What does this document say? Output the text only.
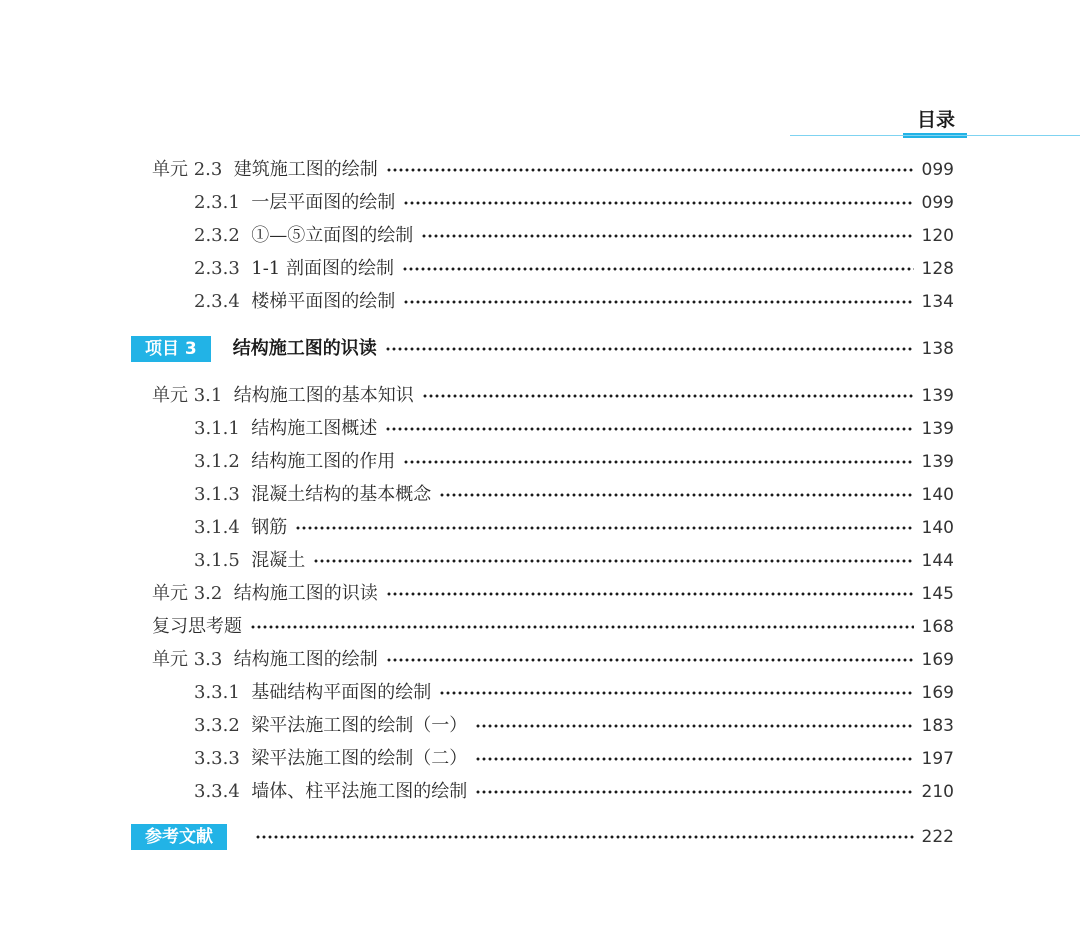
目录
单元 2.3 建筑施工图的绘制	099
2.3.1 一层平面图的绘制	099
2.3.2 ①—⑤立面图的绘制	120
2.3.3 1-1 剖面图的绘制	128
2.3.4 楼梯平面图的绘制	134
项目 3	结构施工图的识读	138
单元 3.1 结构施工图的基本知识	139
3.1.1 结构施工图概述	139
3.1.2 结构施工图的作用	139
3.1.3 混凝土结构的基本概念	140
3.1.4 钢筋	140
3.1.5 混凝土	144
单元 3.2 结构施工图的识读	145
复习思考题	168
单元 3.3 结构施工图的绘制	169
3.3.1 基础结构平面图的绘制	169
3.3.2 梁平法施工图的绘制（一）	183
3.3.3 梁平法施工图的绘制（二）	197
3.3.4 墙体、柱平法施工图的绘制	210
参考文献	222
